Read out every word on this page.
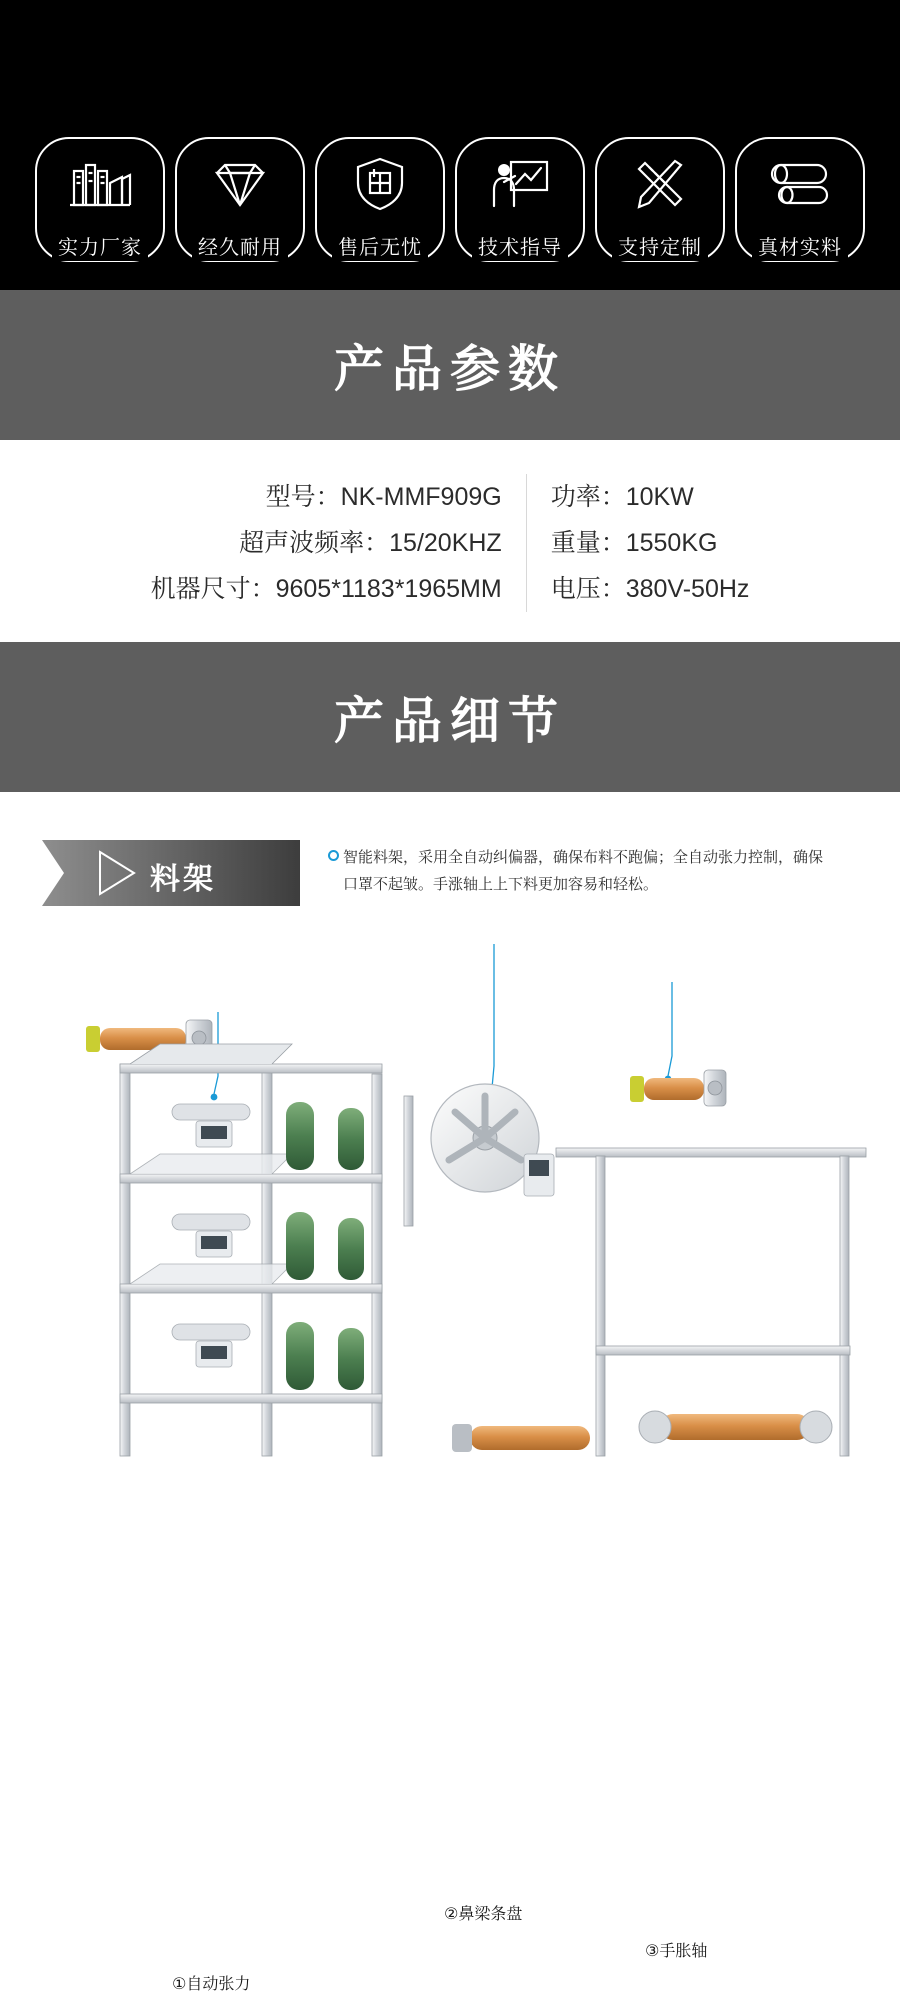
实力厂家	经久耐用	售后无忧	技术指导	支持定制	真材实料
产品参数
型号：NK-MMF909G
超声波频率：15/20KHZ
机器尺寸：9605*1183*1965MM
功率：10KW
重量：1550KG
电压：380V-50Hz
产品细节
料架
智能料架，采用全自动纠偏器，确保布料不跑偏；全自动张力控制，确保口罩不起皱。手涨轴上上下料更加容易和轻松。
①自动张力
②鼻梁条盘
③手胀轴
